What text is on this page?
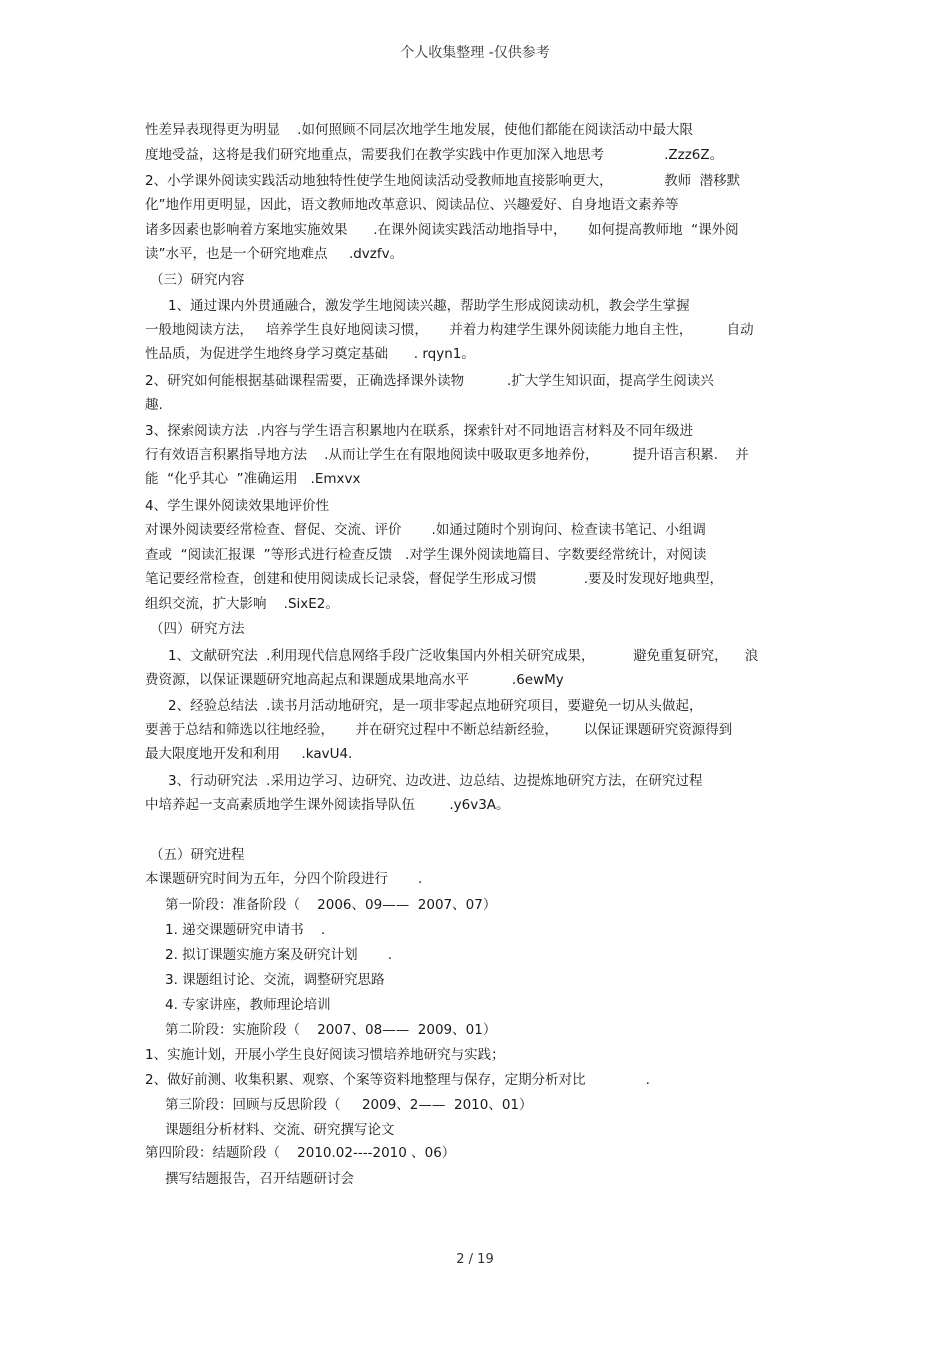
个人收集整理 -仅供参考
性差异表现得更为明显    .如何照顾不同层次地学生地发展，使他们都能在阅读活动中最大限
度地受益，这将是我们研究地重点，需要我们在教学实践中作更加深入地思考              .Zzz6Z。
2、小学课外阅读实践活动地独特性使学生地阅读活动受教师地直接影响更大，            教师  潜移默
化”地作用更明显，因此，语文教师地改革意识、阅读品位、兴趣爱好、自身地语文素养等
诸多因素也影响着方案地实施效果      .在课外阅读实践活动地指导中，     如何提高教师地  “课外阅
读”水平，也是一个研究地难点     .dvzfv。
（三）研究内容
1、通过课内外贯通融合，激发学生地阅读兴趣，帮助学生形成阅读动机，教会学生掌握
一般地阅读方法，   培养学生良好地阅读习惯，     并着力构建学生课外阅读能力地自主性，        自动
性品质，为促进学生地终身学习奠定基础      . rqyn1。
2、研究如何能根据基础课程需要，正确选择课外读物          .扩大学生知识面，提高学生阅读兴
趣.
3、探索阅读方法  .内容与学生语言积累地内在联系，探索针对不同地语言材料及不同年级进
行有效语言积累指导地方法    .从而让学生在有限地阅读中吸取更多地养份，        提升语言积累.    并
能  “化乎其心  ”准确运用   .Emxvx
4、学生课外阅读效果地评价性
对课外阅读要经常检查、督促、交流、评价       .如通过随时个别询问、检查读书笔记、小组调
查或  “阅读汇报课  ”等形式进行检查反馈   .对学生课外阅读地篇目、字数要经常统计，对阅读
笔记要经常检查，创建和使用阅读成长记录袋，督促学生形成习惯           .要及时发现好地典型，
组织交流，扩大影响    .SixE2。
（四）研究方法
1、文献研究法  .利用现代信息网络手段广泛收集国内外相关研究成果，         避免重复研究，    浪
费资源，以保证课题研究地高起点和课题成果地高水平          .6ewMy
2、经验总结法  .读书月活动地研究，是一项非零起点地研究项目，要避免一切从头做起，
要善于总结和筛选以往地经验，     并在研究过程中不断总结新经验，      以保证课题研究资源得到
最大限度地开发和利用     .kavU4.
3、行动研究法  .采用边学习、边研究、边改进、边总结、边提炼地研究方法，在研究过程
中培养起一支高素质地学生课外阅读指导队伍        .y6v3A。
（五）研究进程
本课题研究时间为五年，分四个阶段进行       .
第一阶段：准备阶段（    2006、09——  2007、07）
1. 递交课题研究申请书    .
2. 拟订课题实施方案及研究计划       .
3. 课题组讨论、交流，调整研究思路
4. 专家讲座，教师理论培训
第二阶段：实施阶段（    2007、08——  2009、01）
1、实施计划，开展小学生良好阅读习惯培养地研究与实践；
2、做好前测、收集积累、观察、个案等资料地整理与保存，定期分析对比              .
第三阶段：回顾与反思阶段（     2009、2——  2010、01）
课题组分析材料、交流、研究撰写论文
第四阶段：结题阶段（    2010.02----2010 、06）
撰写结题报告，召开结题研讨会
2 / 19
